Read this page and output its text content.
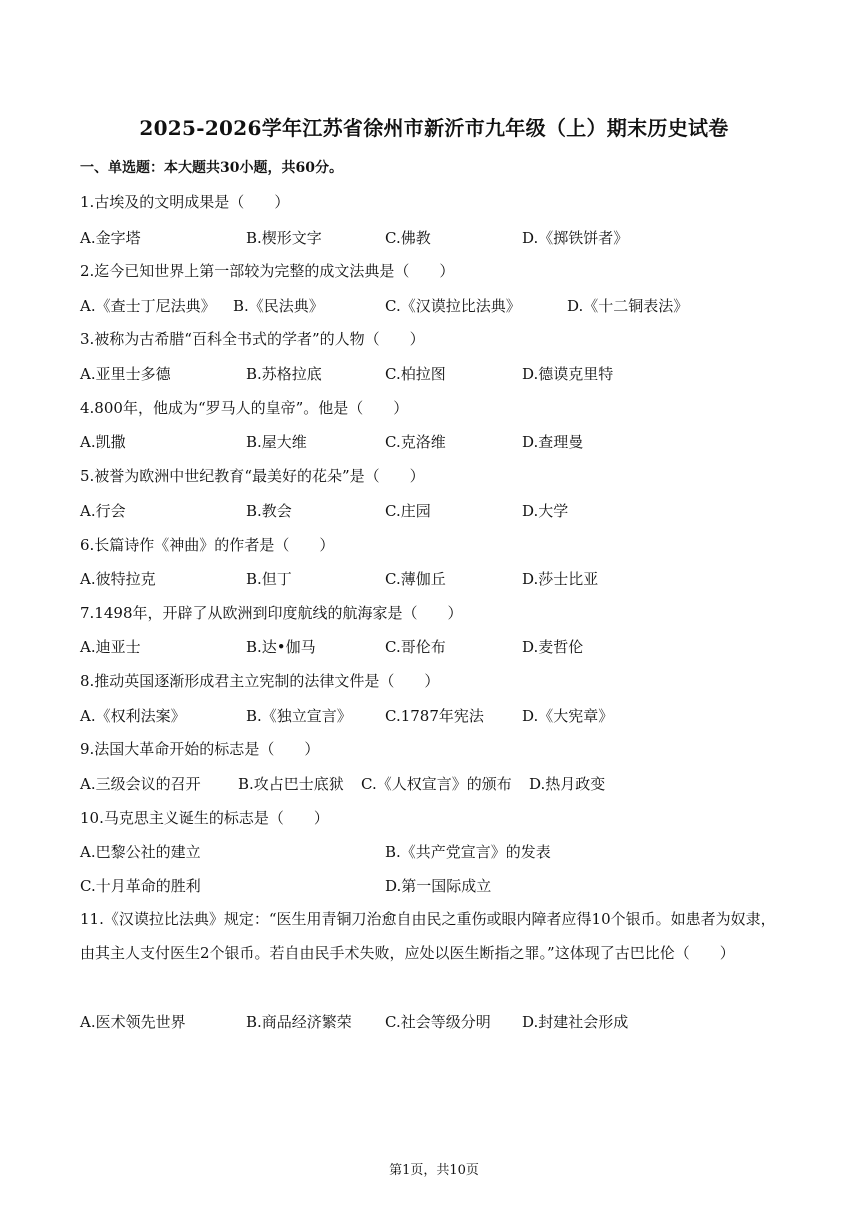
2025-2026学年江苏省徐州市新沂市九年级（上）期末历史试卷
一、单选题：本大题共30小题，共60分。
1.古埃及的文明成果是（　　）
A.金字塔	B.楔形文字	C.佛教	D.《掷铁饼者》
2.迄今已知世界上第一部较为完整的成文法典是（　　）
A.《查士丁尼法典》 B.《民法典》	C.《汉谟拉比法典》	D.《十二铜表法》
3.被称为古希腊“百科全书式的学者”的人物（　　）
A.亚里士多德	B.苏格拉底	C.柏拉图	D.德谟克里特
4.800年，他成为“罗马人的皇帝”。他是（　　）
A.凯撒	B.屋大维	C.克洛维	D.查理曼
5.被誉为欧洲中世纪教育“最美好的花朵”是（　　）
A.行会	B.教会	C.庄园	D.大学
6.长篇诗作《神曲》的作者是（　　）
A.彼特拉克	B.但丁	C.薄伽丘	D.莎士比亚
7.1498年，开辟了从欧洲到印度航线的航海家是（　　）
A.迪亚士	B.达•伽马	C.哥伦布	D.麦哲伦
8.推动英国逐渐形成君主立宪制的法律文件是（　　）
A.《权利法案》	B.《独立宣言》 C.1787年宪法	D.《大宪章》
9.法国大革命开始的标志是（　　）
A.三级会议的召开 B.攻占巴士底狱 C.《人权宣言》的颁布 D.热月政变
10.马克思主义诞生的标志是（　　）
A.巴黎公社的建立	B.《共产党宣言》的发表
C.十月革命的胜利	D.第一国际成立
11.《汉谟拉比法典》规定：“医生用青铜刀治愈自由民之重伤或眼内障者应得10个银币。如患者为奴隶，由其主人支付医生2个银币。若自由民手术失败，应处以医生断指之罪。”这体现了古巴比伦（　　）
A.医术领先世界	B.商品经济繁荣 C.社会等级分明 D.封建社会形成
第1页，共10页
